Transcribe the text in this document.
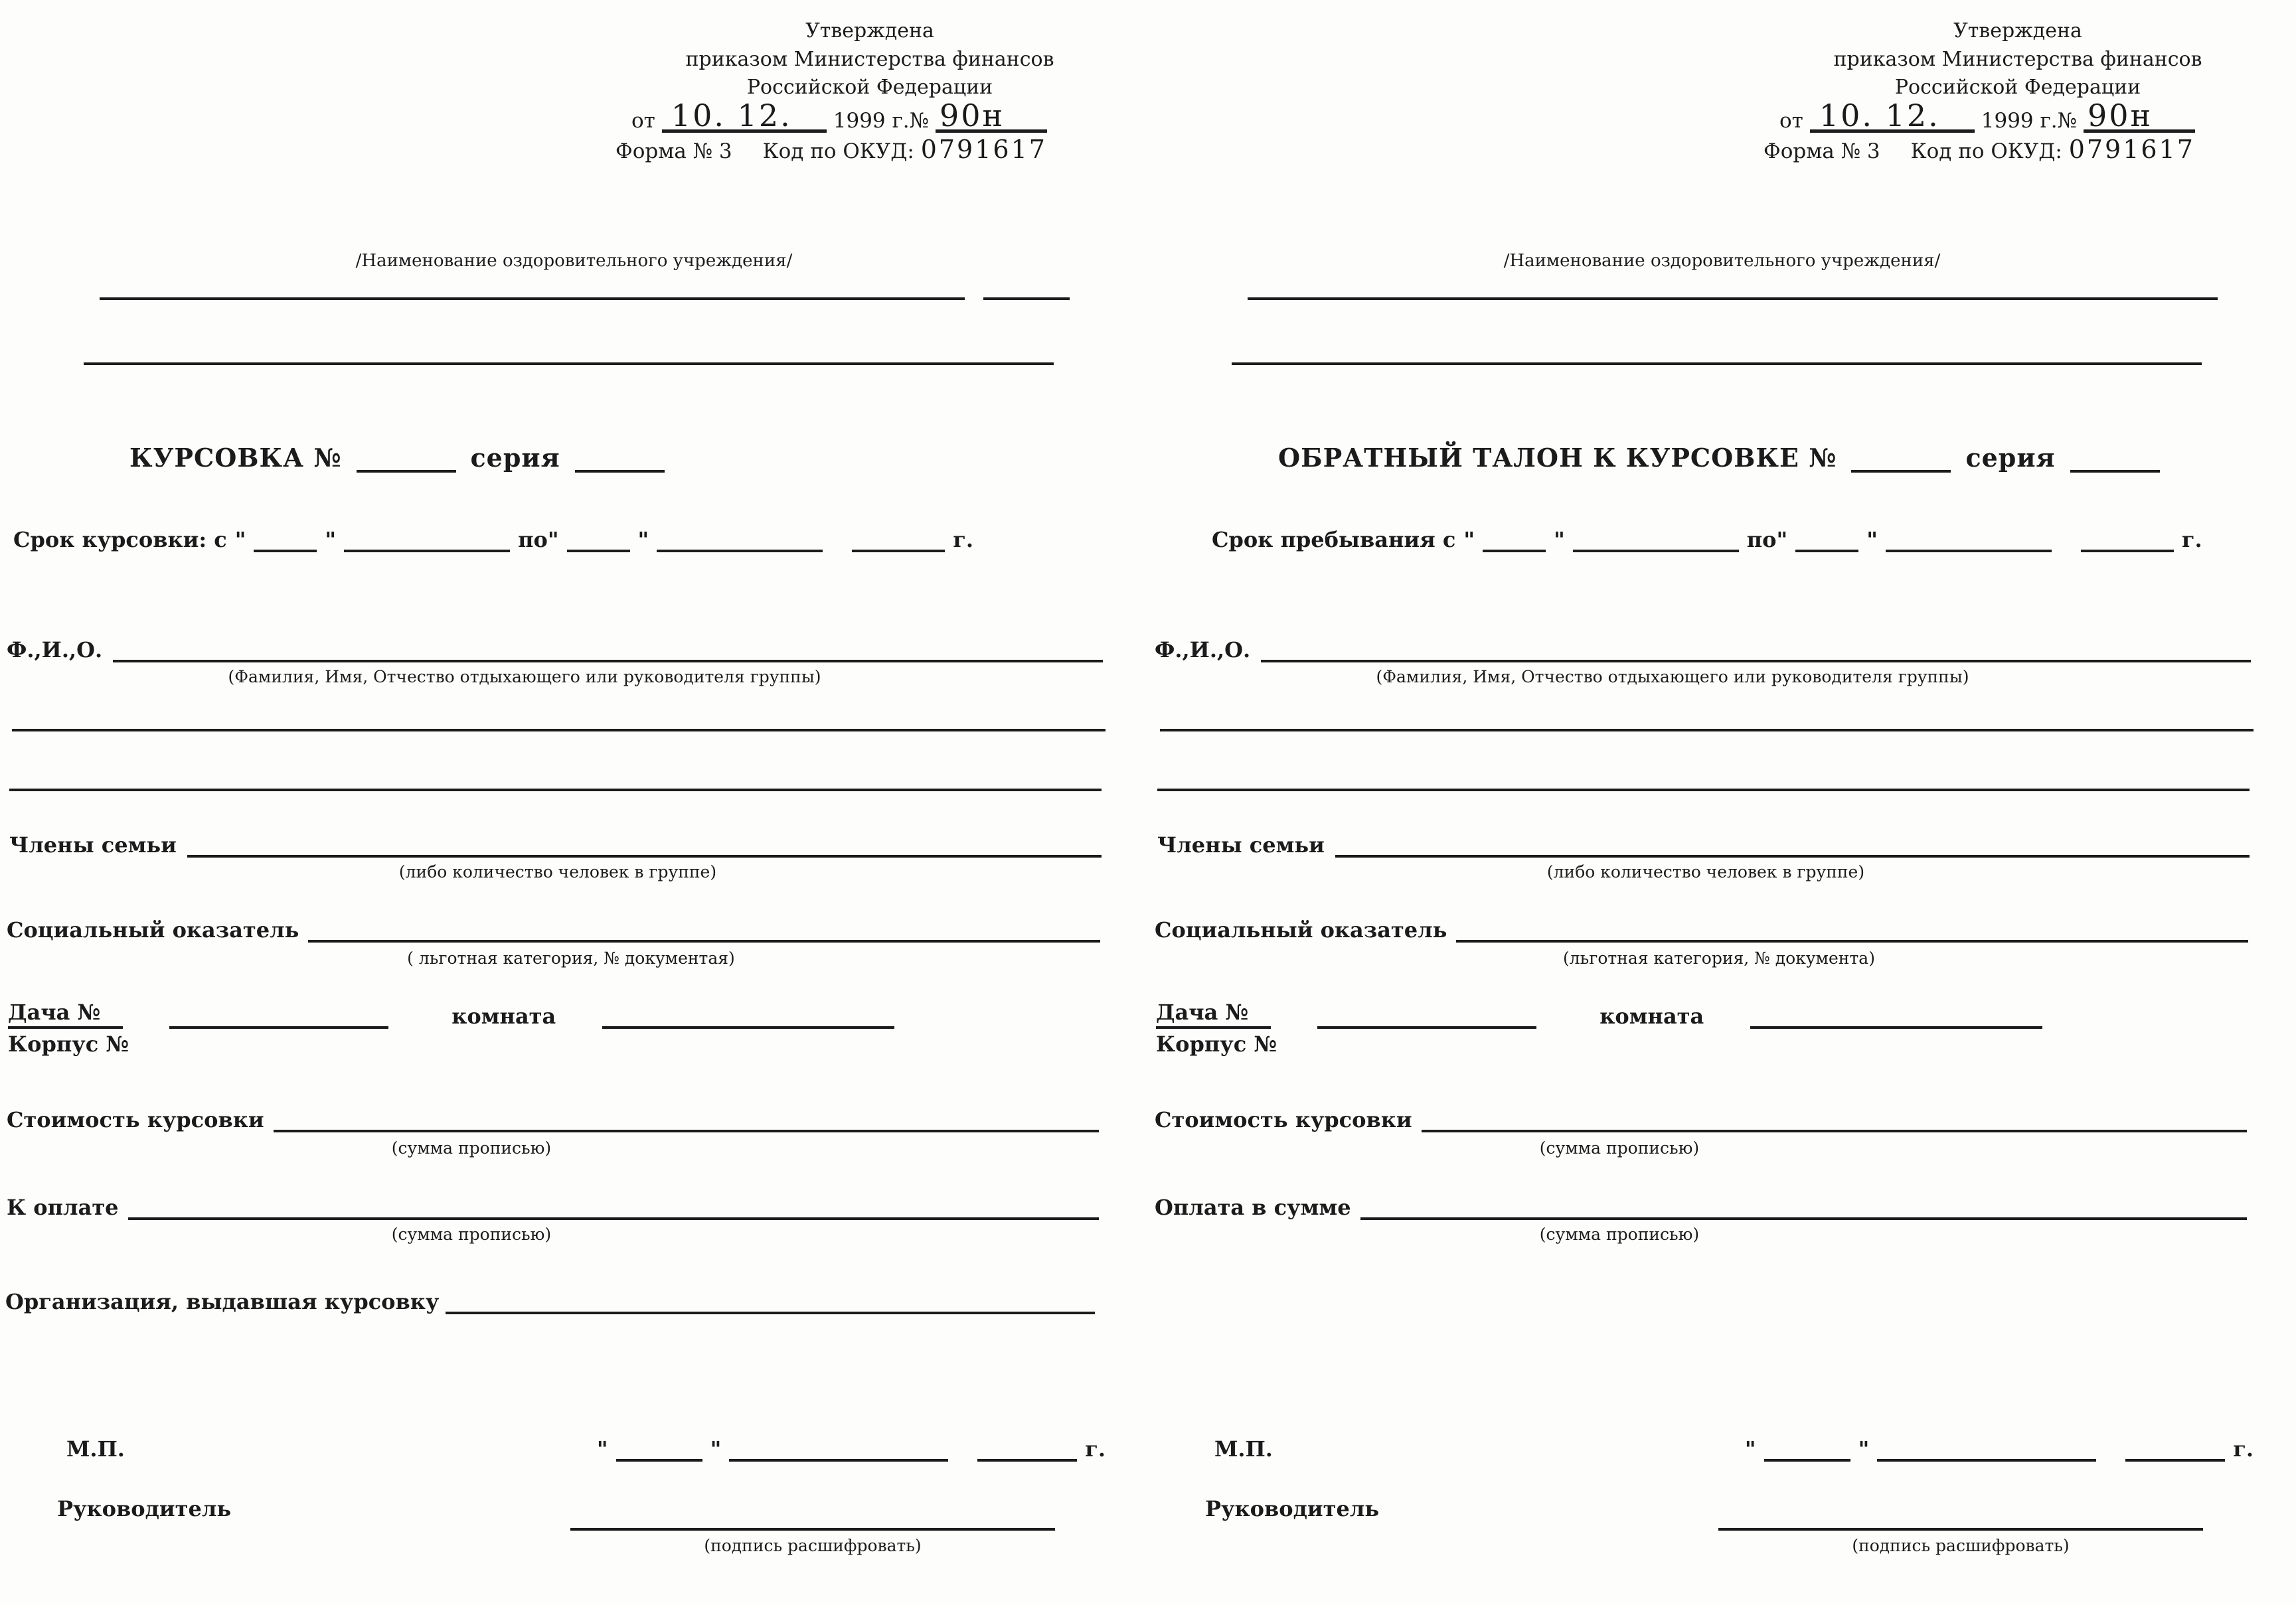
Утверждена
приказом Министерства финансов
Российской Федерации
от 10. 12.	1999 г.№ 90н
Форма № 3 Код по ОКУД: 0791617
/Наименование оздоровительного учреждения/
КУРСОВКА №	серия
Срок курсовки: с "	"	по"	"	г.
Ф.,И.,О.
(Фамилия, Имя, Отчество отдыхающего или руководителя группы)
Члены семьи
(либо количество человек в группе)
Социальный оказатель
( льготная категория, № документая)
Дача №	комната
Корпус №
Стоимость курсовки
(сумма прописью)
К оплате
(сумма прописью)
Организация, выдавшая курсовку
М.П.	"	"	г.
Руководитель
(подпись расшифровать)
Утверждена
приказом Министерства финансов
Российской Федерации
от 10. 12.	1999 г.№ 90н
Форма № 3 Код по ОКУД: 0791617
/Наименование оздоровительного учреждения/
ОБРАТНЫЙ ТАЛОН К КУРСОВКЕ №	серия
Срок пребывания с "	"	по"	"	г.
Ф.,И.,О.
(Фамилия, Имя, Отчество отдыхающего или руководителя группы)
Члены семьи
(либо количество человек в группе)
Социальный оказатель
(льготная категория, № документа)
Дача №	комната
Корпус №
Стоимость курсовки
(сумма прописью)
Оплата в сумме
(сумма прописью)
М.П.	"	"	г.
Руководитель
(подпись расшифровать)
